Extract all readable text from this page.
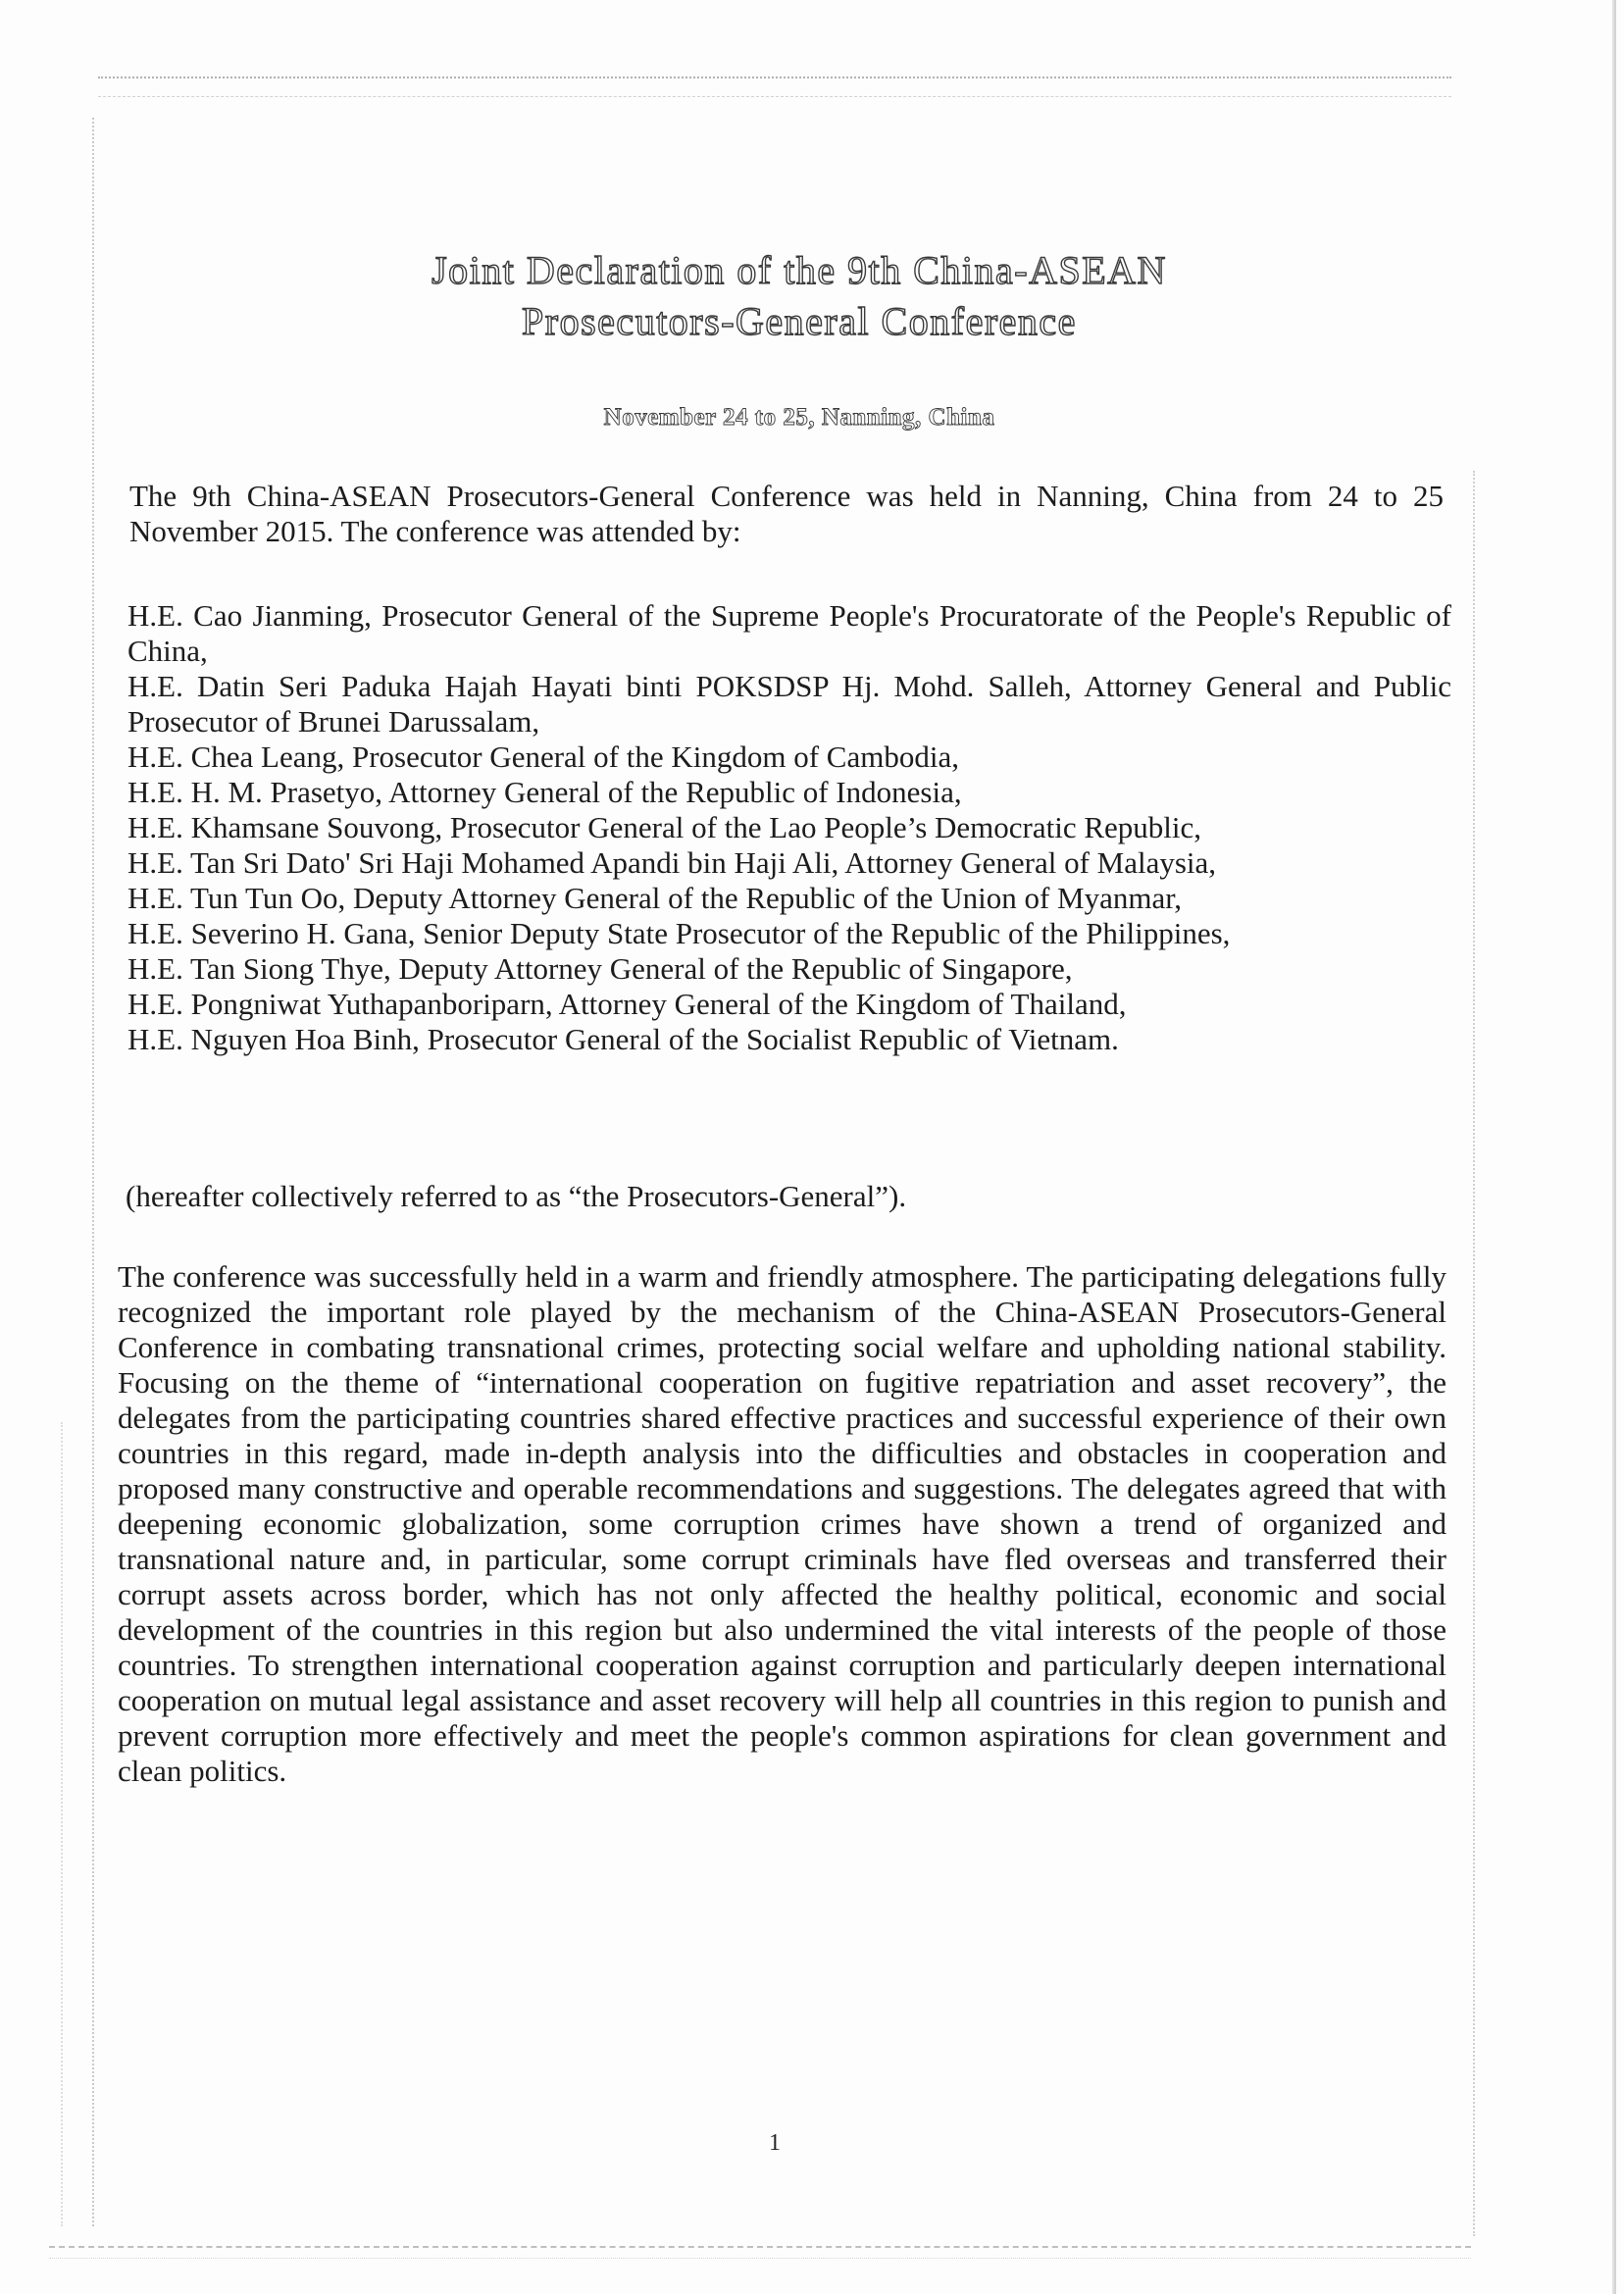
Joint Declaration of the 9th China-ASEAN
Prosecutors-General Conference
November 24 to 25, Nanning, China

The 9th China-ASEAN Prosecutors-General Conference was held in Nanning, China from 24 to 25 November 2015. The conference was attended by:

H.E. Cao Jianming, Prosecutor General of the Supreme People's Procuratorate of the People's Republic of China,
H.E. Datin Seri Paduka Hajah Hayati binti POKSDSP Hj. Mohd. Salleh, Attorney General and Public Prosecutor of Brunei Darussalam,
H.E. Chea Leang, Prosecutor General of the Kingdom of Cambodia,
H.E. H. M. Prasetyo, Attorney General of the Republic of Indonesia,
H.E. Khamsane Souvong, Prosecutor General of the Lao People’s Democratic Republic,
H.E. Tan Sri Dato' Sri Haji Mohamed Apandi bin Haji Ali, Attorney General of Malaysia,
H.E. Tun Tun Oo, Deputy Attorney General of the Republic of the Union of Myanmar,
H.E. Severino H. Gana, Senior Deputy State Prosecutor of the Republic of the Philippines,
H.E. Tan Siong Thye, Deputy Attorney General of the Republic of Singapore,
H.E. Pongniwat Yuthapanboriparn, Attorney General of the Kingdom of Thailand,
H.E. Nguyen Hoa Binh, Prosecutor General of the Socialist Republic of Vietnam.

(hereafter collectively referred to as “the Prosecutors-General”).

The conference was successfully held in a warm and friendly atmosphere. The participating delegations fully recognized the important role played by the mechanism of the China-ASEAN Prosecutors-General Conference in combating transnational crimes, protecting social welfare and upholding national stability. Focusing on the theme of “international cooperation on fugitive repatriation and asset recovery”, the delegates from the participating countries shared effective practices and successful experience of their own countries in this regard, made in-depth analysis into the difficulties and obstacles in cooperation and proposed many constructive and operable recommendations and suggestions. The delegates agreed that with deepening economic globalization, some corruption crimes have shown a trend of organized and transnational nature and, in particular, some corrupt criminals have fled overseas and transferred their corrupt assets across border, which has not only affected the healthy political, economic and social development of the countries in this region but also undermined the vital interests of the people of those countries. To strengthen international cooperation against corruption and particularly deepen international cooperation on mutual legal assistance and asset recovery will help all countries in this region to punish and prevent corruption more effectively and meet the people's common aspirations for clean government and clean politics.

1
